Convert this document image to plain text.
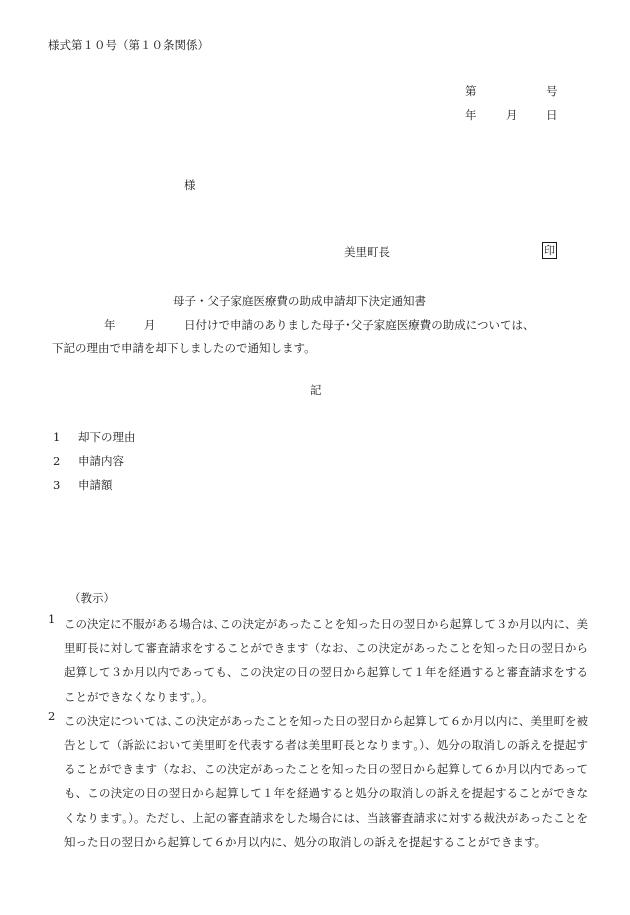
様式第１０号（第１０条関係）
第	号
年	月 日
様
美里町長	印
母子・父子家庭医療費の助成申請却下決定通知書
年 月 日付けで申請のありました母子･父子家庭医療費の助成については、
下記の理由で申請を却下しましたので通知します。
記
1 却下の理由
2 申請内容
3 申請額
（教示）

1 この決定に不服がある場合は､この決定があったことを知った日の翌日から起算して３か月以内に、美里町長に対して審査請求をすることができます（なお、この決定があったことを知った日の翌日から起算して３か月以内であっても、この決定の日の翌日から起算して１年を経過すると審査請求をすることができなくなります｡）。

2 この決定については､この決定があったことを知った日の翌日から起算して６か月以内に、美里町を被告として（訴訟において美里町を代表する者は美里町長となります｡）、処分の取消しの訴えを提起することができます（なお、この決定があったことを知った日の翌日から起算して６か月以内であっても、この決定の日の翌日から起算して１年を経過すると処分の取消しの訴えを提起することができなくなります｡）。ただし、上記の審査請求をした場合には、当該審査請求に対する裁決があったことを知った日の翌日から起算して６か月以内に、処分の取消しの訴えを提起することができます。
